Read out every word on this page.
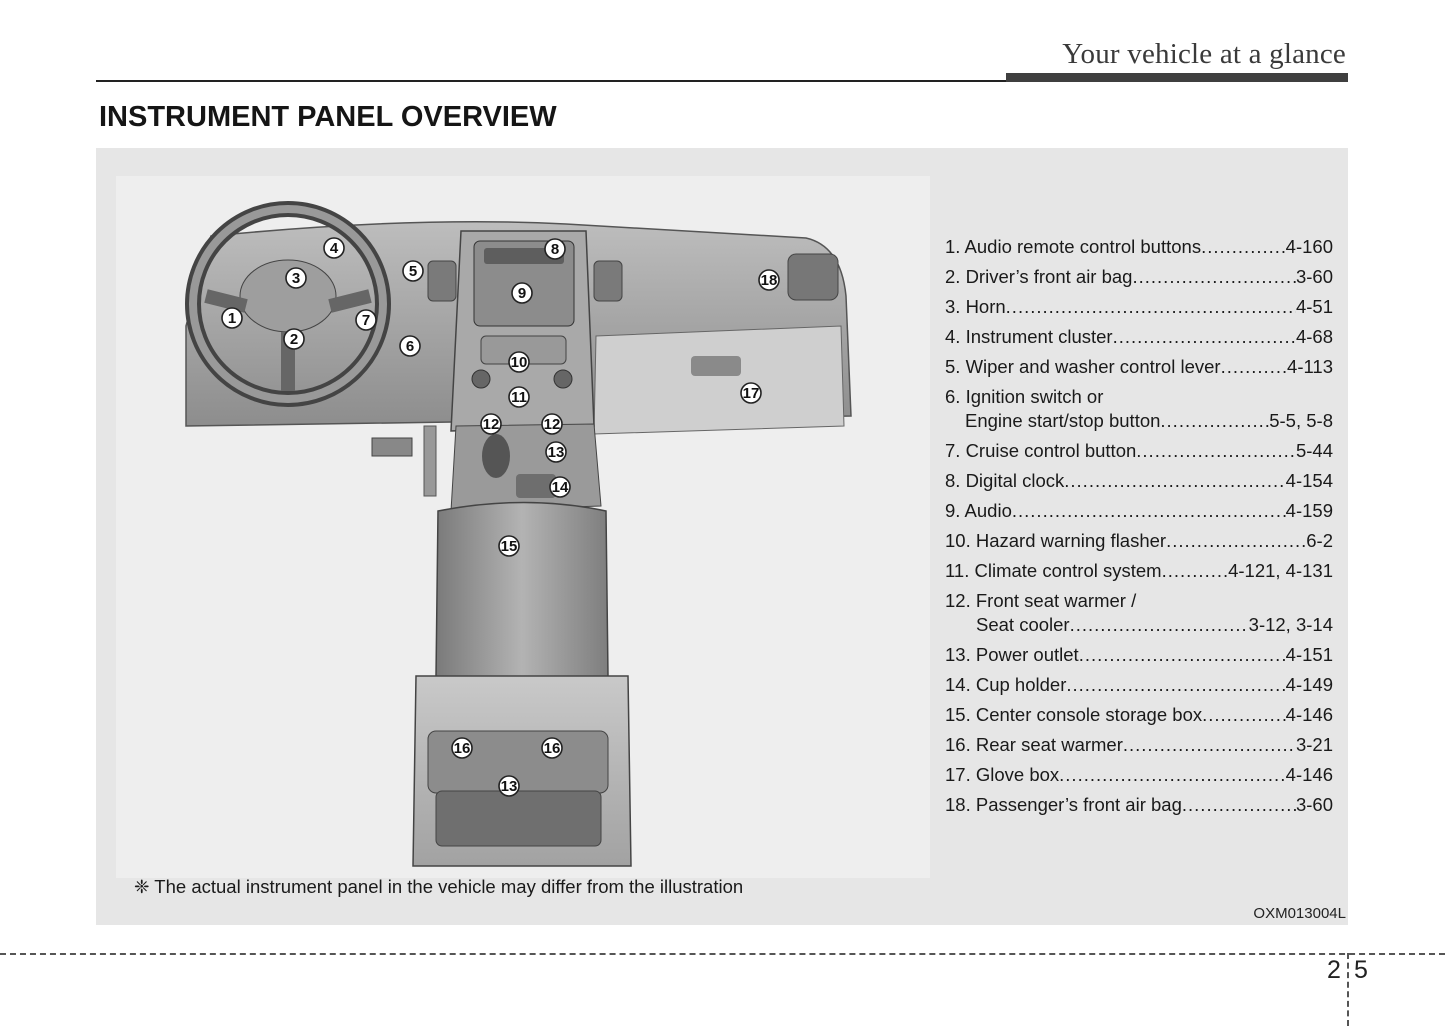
Your vehicle at a glance
INSTRUMENT PANEL OVERVIEW
1
2
3
4
5
6
7
8
9
10
11
12	12
13
14
15
16	16
13
17
18
1. Audio remote control buttons .....	4-160
2. Driver’s front air bag .....	3-60
3. Horn .....	4-51
4. Instrument cluster .....	4-68
5. Wiper and washer control lever .....	4-113
6. Ignition switch or
Engine start/stop button .....	5-5, 5-8
7. Cruise control button .....	5-44
8. Digital clock .....	4-154
9. Audio .....	4-159
10. Hazard warning flasher .....	6-2
11. Climate control system .....	4-121, 4-131
12. Front seat warmer /
Seat cooler .....	3-12, 3-14
13. Power outlet .....	4-151
14. Cup holder .....	4-149
15. Center console storage box .....	4-146
16. Rear seat warmer .....	3-21
17. Glove box .....	4-146
18. Passenger’s front air bag .....	3-60
❈ The actual instrument panel in the vehicle may differ from the illustration
OXM013004L
2 5
